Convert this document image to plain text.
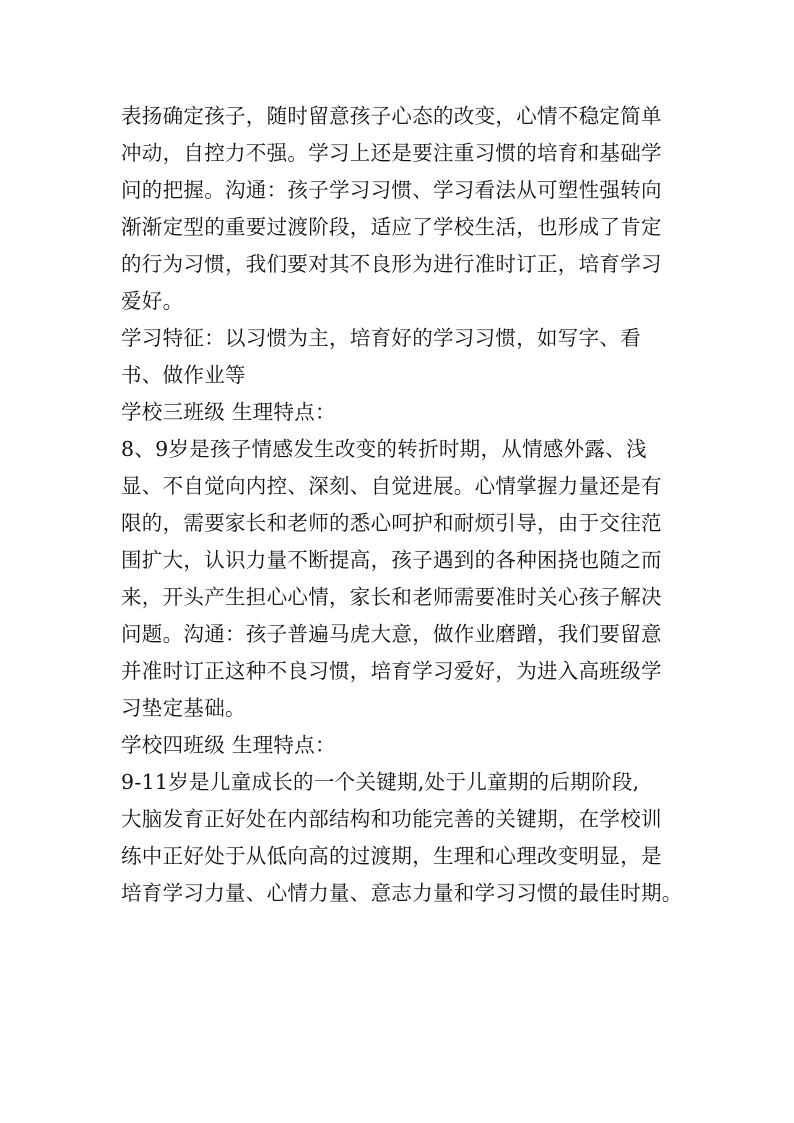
表扬确定孩子，随时留意孩子心态的改变，心情不稳定简单
冲动，自控力不强。学习上还是要注重习惯的培育和基础学
问的把握。沟通：孩子学习习惯、学习看法从可塑性强转向
渐渐定型的重要过渡阶段，适应了学校生活，也形成了肯定
的行为习惯，我们要对其不良形为进行准时订正，培育学习
爱好。
学习特征：以习惯为主，培育好的学习习惯，如写字、看
书、做作业等
学校三班级 生理特点：
8、9岁是孩子情感发生改变的转折时期，从情感外露、浅
显、不自觉向内控、深刻、自觉进展。心情掌握力量还是有
限的，需要家长和老师的悉心呵护和耐烦引导，由于交往范
围扩大，认识力量不断提高，孩子遇到的各种困挠也随之而
来，开头产生担心心情，家长和老师需要准时关心孩子解决
问题。沟通：孩子普遍马虎大意，做作业磨蹭，我们要留意
并准时订正这种不良习惯，培育学习爱好，为进入高班级学
习垫定基础。
学校四班级 生理特点：
9-11岁是儿童成长的一个关键期,处于儿童期的后期阶段,
大脑发育正好处在内部结构和功能完善的关键期，在学校训
练中正好处于从低向高的过渡期，生理和心理改变明显，是
培育学习力量、心情力量、意志力量和学习习惯的最佳时期。
